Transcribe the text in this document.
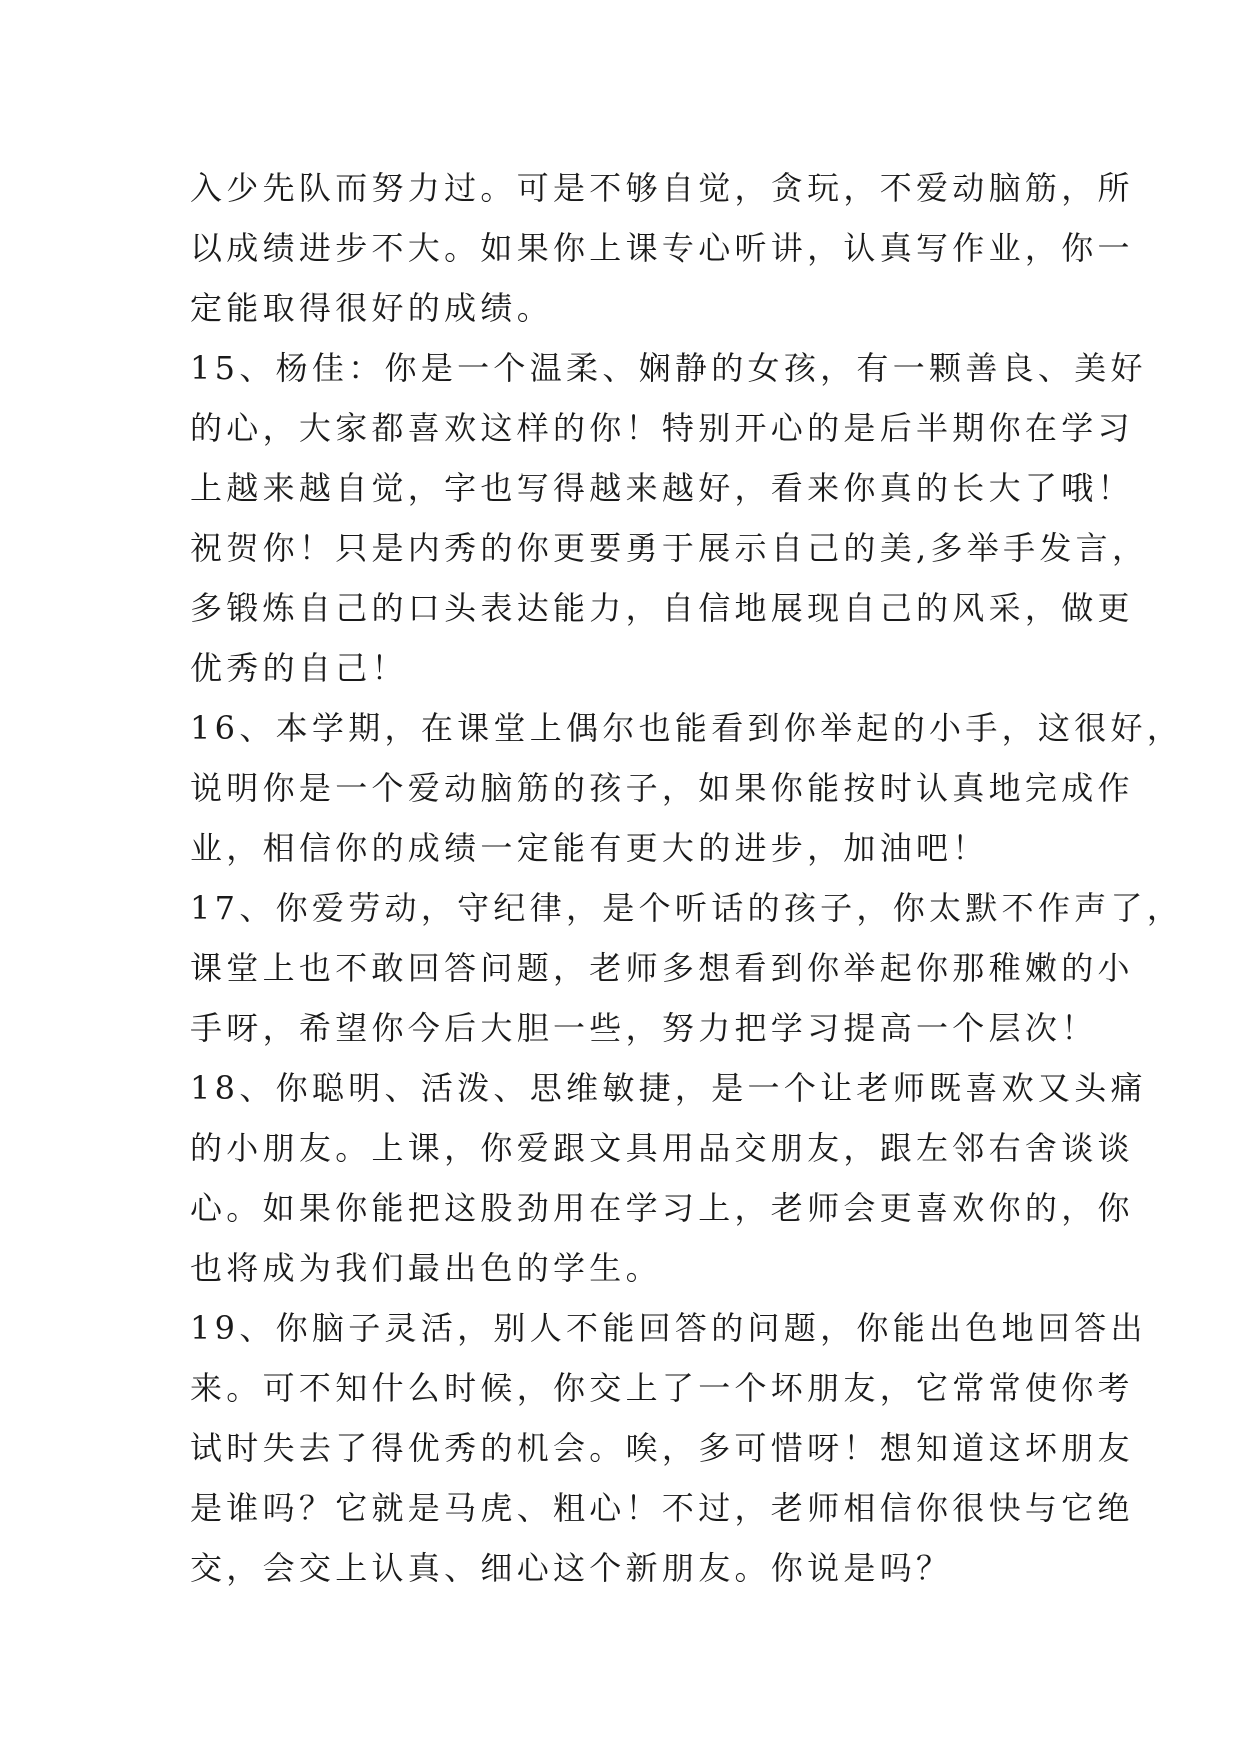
入少先队而努力过。可是不够自觉，贪玩，不爱动脑筋，所
以成绩进步不大。如果你上课专心听讲，认真写作业，你一
定能取得很好的成绩。
15、杨佳：你是一个温柔、娴静的女孩，有一颗善良、美好
的心，大家都喜欢这样的你！特别开心的是后半期你在学习
上越来越自觉，字也写得越来越好，看来你真的长大了哦！
祝贺你！只是内秀的你更要勇于展示自己的美,多举手发言，
多锻炼自己的口头表达能力，自信地展现自己的风采，做更
优秀的自己！
16、本学期，在课堂上偶尔也能看到你举起的小手，这很好，
说明你是一个爱动脑筋的孩子，如果你能按时认真地完成作
业，相信你的成绩一定能有更大的进步，加油吧！
17、你爱劳动，守纪律，是个听话的孩子，你太默不作声了，
课堂上也不敢回答问题，老师多想看到你举起你那稚嫩的小
手呀，希望你今后大胆一些，努力把学习提高一个层次！
18、你聪明、活泼、思维敏捷，是一个让老师既喜欢又头痛
的小朋友。上课，你爱跟文具用品交朋友，跟左邻右舍谈谈
心。如果你能把这股劲用在学习上，老师会更喜欢你的，你
也将成为我们最出色的学生。
19、你脑子灵活，别人不能回答的问题，你能出色地回答出
来。可不知什么时候，你交上了一个坏朋友，它常常使你考
试时失去了得优秀的机会。唉，多可惜呀！想知道这坏朋友
是谁吗？它就是马虎、粗心！不过，老师相信你很快与它绝
交，会交上认真、细心这个新朋友。你说是吗？
